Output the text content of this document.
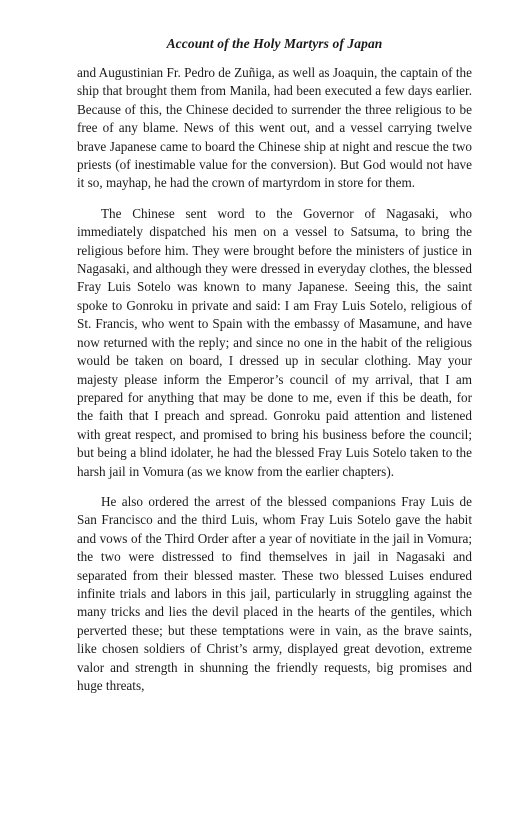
Account of the Holy Martyrs of Japan

and Augustinian Fr. Pedro de Zuñiga, as well as Joaquin, the captain of the ship that brought them from Manila, had been executed a few days earlier. Because of this, the Chinese decided to surrender the three religious to be free of any blame. News of this went out, and a vessel carrying twelve brave Japanese came to board the Chinese ship at night and rescue the two priests (of inestimable value for the conversion). But God would not have it so, mayhap, he had the crown of martyrdom in store for them.

The Chinese sent word to the Governor of Nagasaki, who immediately dispatched his men on a vessel to Satsuma, to bring the religious before him. They were brought before the ministers of justice in Nagasaki, and although they were dressed in everyday clothes, the blessed Fray Luis Sotelo was known to many Japanese. Seeing this, the saint spoke to Gonroku in private and said: I am Fray Luis Sotelo, religious of St. Francis, who went to Spain with the embassy of Masamune, and have now returned with the reply; and since no one in the habit of the religious would be taken on board, I dressed up in secular clothing. May your majesty please inform the Emperor’s council of my arrival, that I am prepared for anything that may be done to me, even if this be death, for the faith that I preach and spread. Gonroku paid attention and listened with great respect, and promised to bring his business before the council; but being a blind idolater, he had the blessed Fray Luis Sotelo taken to the harsh jail in Vomura (as we know from the earlier chapters).

He also ordered the arrest of the blessed companions Fray Luis de San Francisco and the third Luis, whom Fray Luis Sotelo gave the habit and vows of the Third Order after a year of novitiate in the jail in Vomura; the two were distressed to find themselves in jail in Nagasaki and separated from their blessed master. These two blessed Luises endured infinite trials and labors in this jail, particularly in struggling against the many tricks and lies the devil placed in the hearts of the gentiles, which perverted these; but these temptations were in vain, as the brave saints, like chosen soldiers of Christ’s army, displayed great devotion, extreme valor and strength in shunning the friendly requests, big promises and huge threats,
